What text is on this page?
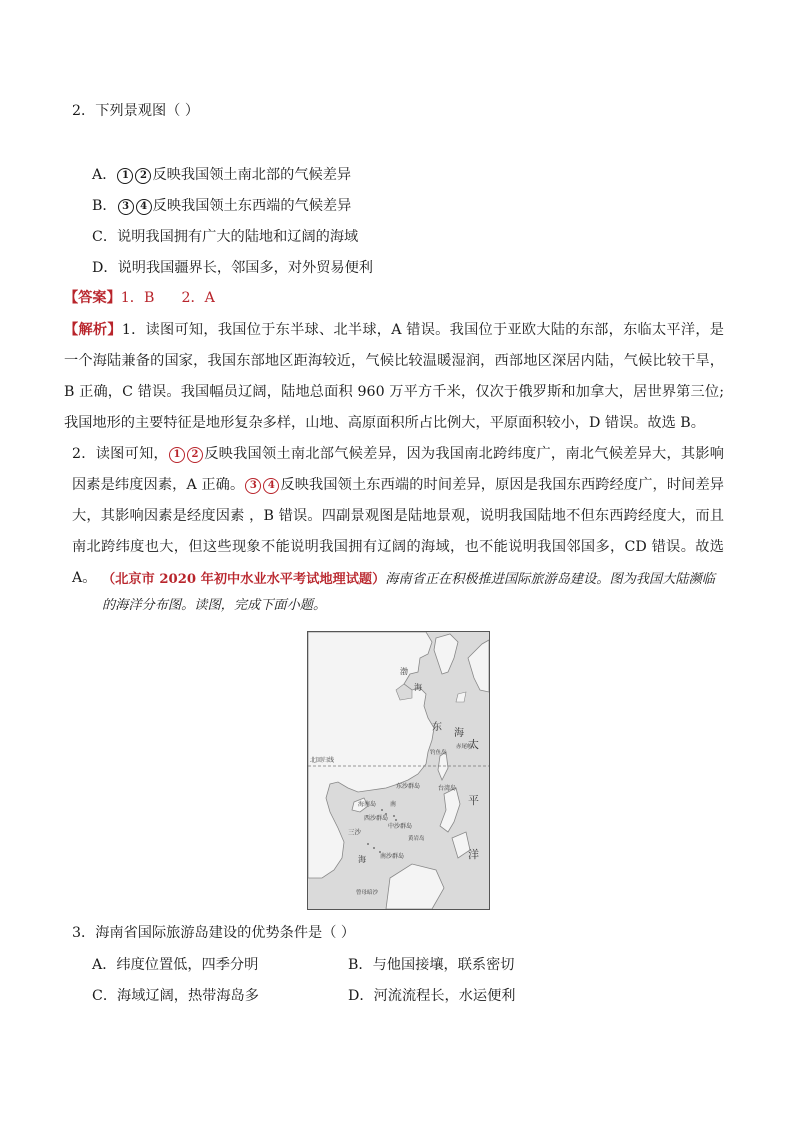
2．下列景观图（ ）
A． 1 2 反映我国领土南北部的气候差异
B． 3 4 反映我国领土东西端的气候差异
C．说明我国拥有广大的陆地和辽阔的海域
D．说明我国疆界长，邻国多，对外贸易便利
【答案】1．B      2．A
【解析】1．读图可知，我国位于东半球、北半球，A 错误。我国位于亚欧大陆的东部，东临太平洋，是一个海陆兼备的国家，我国东部地区距海较近，气候比较温暖湿润，西部地区深居内陆，气候比较干旱，B 正确，C 错误。我国幅员辽阔，陆地总面积 960 万平方千米，仅次于俄罗斯和加拿大，居世界第三位; 我国地形的主要特征是地形复杂多样，山地、高原面积所占比例大，平原面积较小，D 错误。故选 B。
2．读图可知， 1 2 反映我国领土南北部气候差异，因为我国南北跨纬度广，南北气候差异大，其影响因素是纬度因素，A 正确。 3 4 反映我国领土东西端的时间差异，原因是我国东西跨经度广，时间差异大，其影响因素是经度因素 ，B 错误。四副景观图是陆地景观，说明我国陆地不但东西跨经度大，而且南北跨纬度也大，但这些现象不能说明我国拥有辽阔的海域，也不能说明我国邻国多，CD 错误。故选 A。 （北京市 2020 年初中水业水平考试地理试题）海南省正在积极推进国际旅游岛建设。图为我国大陆濒临的海洋分布图。读图，完成下面小题。
海
渤
东
海
赤尾屿
钓鱼岛
北回归线
台湾岛
东沙群岛
海南岛 南
西沙群岛
中沙群岛
三沙
黄岩岛
海 南沙群岛
曾母暗沙
太
平
洋
3．海南省国际旅游岛建设的优势条件是（ ）
A．纬度位置低，四季分明	B．与他国接壤，联系密切
C．海域辽阔，热带海岛多	D．河流流程长，水运便利
